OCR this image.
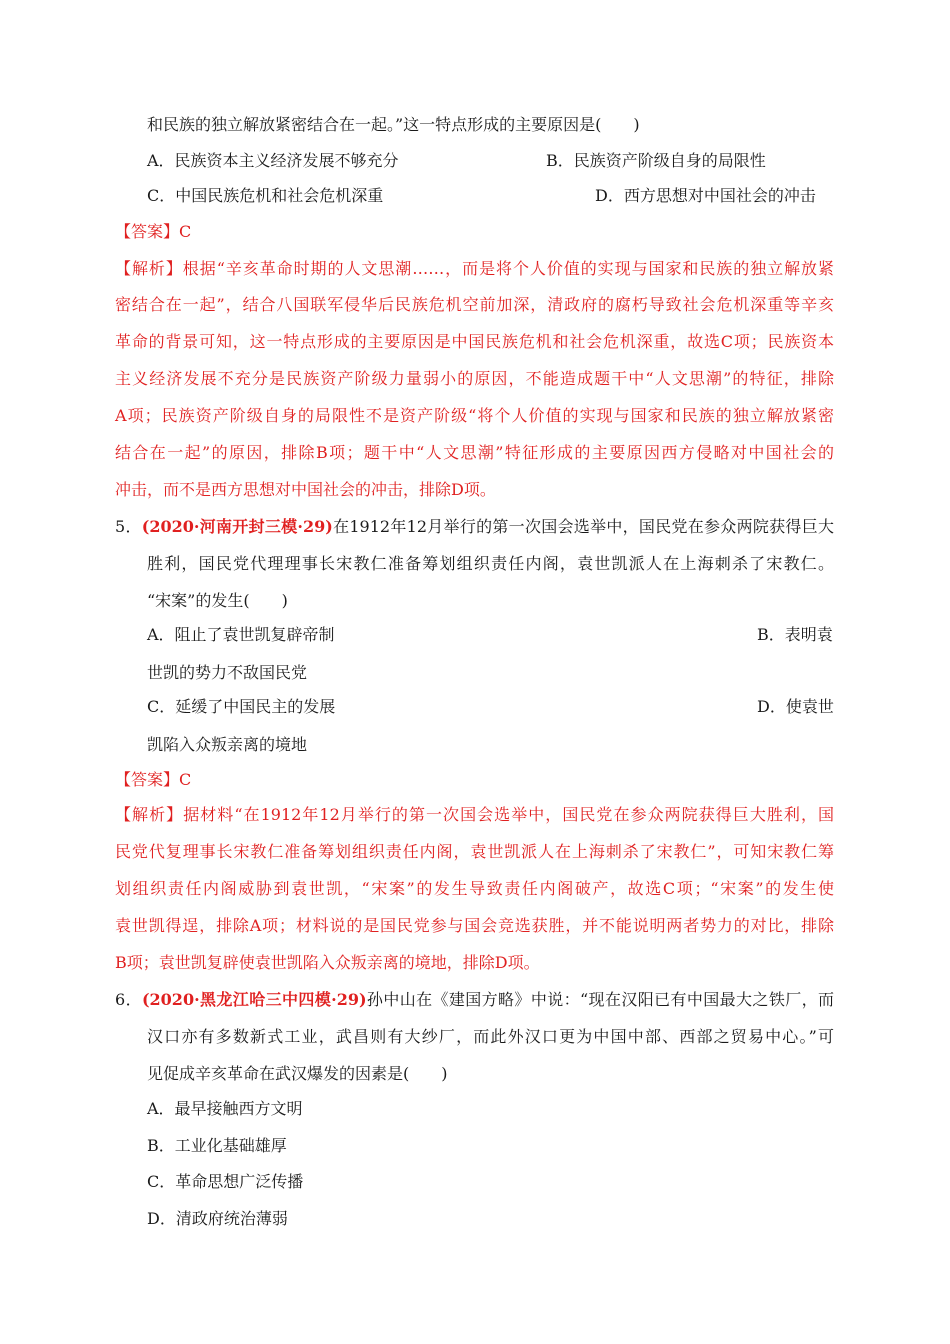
和民族的独立解放紧密结合在一起。”这一特点形成的主要原因是(　　)
A．民族资本主义经济发展不够充分	B．民族资产阶级自身的局限性
C．中国民族危机和社会危机深重	D．西方思想对中国社会的冲击
【答案】C
【解析】根据“辛亥革命时期的人文思潮……，而是将个人价值的实现与国家和民族的独立解放紧
密结合在一起”，结合八国联军侵华后民族危机空前加深，清政府的腐朽导致社会危机深重等辛亥
革命的背景可知，这一特点形成的主要原因是中国民族危机和社会危机深重，故选C项；民族资本
主义经济发展不充分是民族资产阶级力量弱小的原因，不能造成题干中“人文思潮”的特征，排除
A项；民族资产阶级自身的局限性不是资产阶级“将个人价值的实现与国家和民族的独立解放紧密
结合在一起”的原因，排除B项；题干中“人文思潮”特征形成的主要原因西方侵略对中国社会的
冲击，而不是西方思想对中国社会的冲击，排除D项。
5．(2020·河南开封三模·29)在1912年12月举行的第一次国会选举中，国民党在参众两院获得巨大
胜利，国民党代理理事长宋教仁准备筹划组织责任内阁，袁世凯派人在上海刺杀了宋教仁。
“宋案”的发生(　　)
A．阻止了袁世凯复辟帝制	B．表明袁
世凯的势力不敌国民党
C．延缓了中国民主的发展	D．使袁世
凯陷入众叛亲离的境地
【答案】C
【解析】据材料“在1912年12月举行的第一次国会选举中，国民党在参众两院获得巨大胜利，国
民党代复理事长宋教仁准备筹划组织责任内阁，袁世凯派人在上海刺杀了宋教仁”，可知宋教仁筹
划组织责任内阁威胁到袁世凯，“宋案”的发生导致责任内阁破产，故选C项；“宋案”的发生使
袁世凯得逞，排除A项；材料说的是国民党参与国会竞选获胜，并不能说明两者势力的对比，排除
B项；袁世凯复辟使袁世凯陷入众叛亲离的境地，排除D项。
6．(2020·黑龙江哈三中四模·29)孙中山在《建国方略》中说：“现在汉阳已有中国最大之铁厂，而
汉口亦有多数新式工业，武昌则有大纱厂，而此外汉口更为中国中部、西部之贸易中心。”可
见促成辛亥革命在武汉爆发的因素是(　　)
A．最早接触西方文明
B．工业化基础雄厚
C．革命思想广泛传播
D．清政府统治薄弱
